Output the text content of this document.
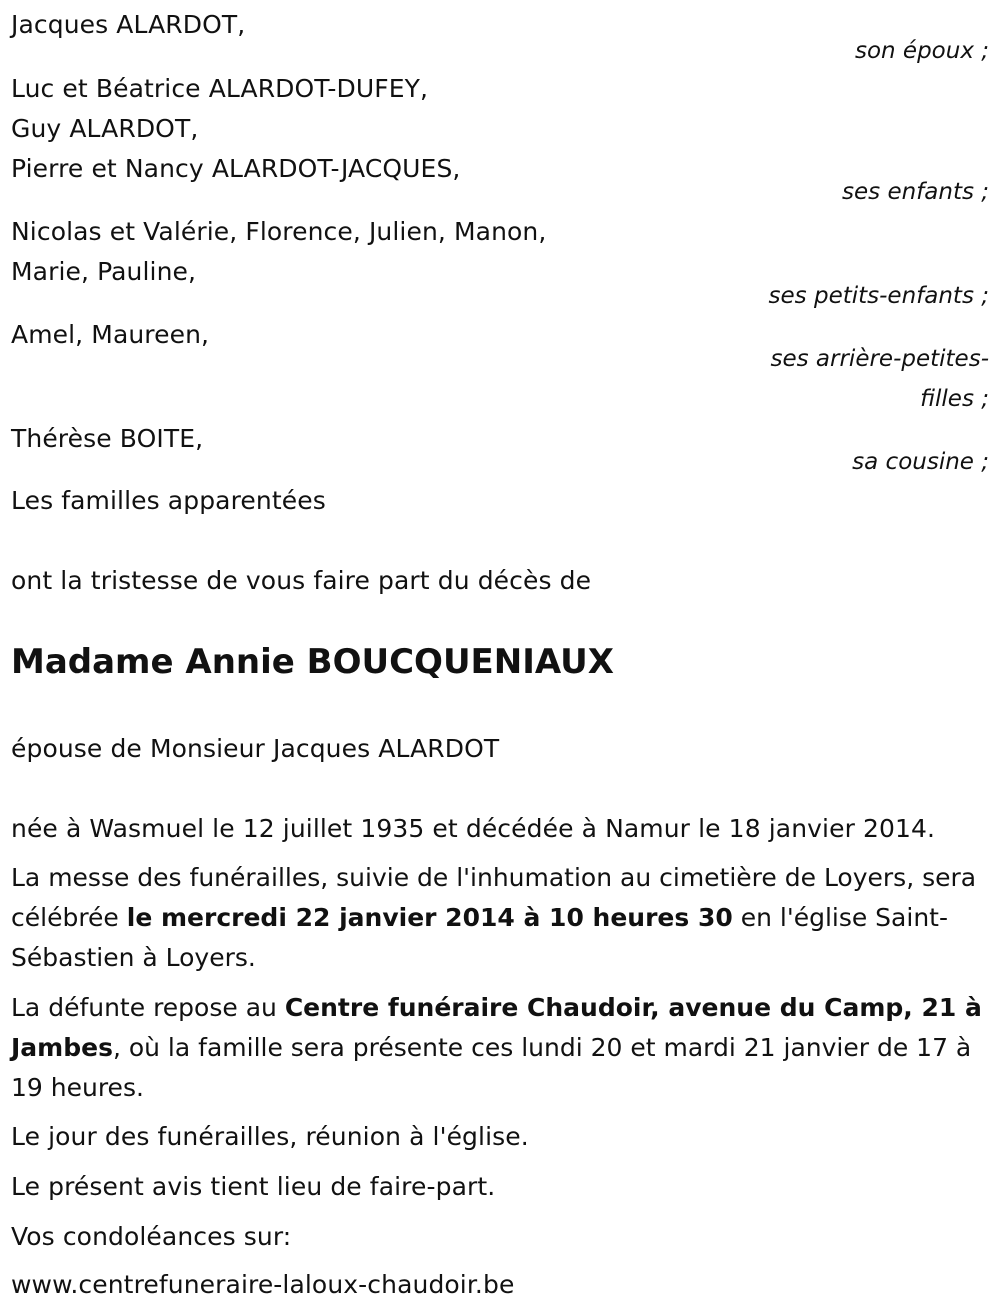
Jacques ALARDOT,
son époux ;
Luc et Béatrice ALARDOT-DUFEY,
Guy ALARDOT,
Pierre et Nancy ALARDOT-JACQUES,
ses enfants ;
Nicolas et Valérie, Florence, Julien, Manon,
Marie, Pauline,
ses petits-enfants ;
Amel, Maureen,
ses arrière-petites-
filles ;
Thérèse BOITE,
sa cousine ;
Les familles apparentées
ont la tristesse de vous faire part du décès de
Madame Annie BOUCQUENIAUX
épouse de Monsieur Jacques ALARDOT
née à Wasmuel le 12 juillet 1935 et décédée à Namur le 18 janvier 2014.
La messe des funérailles, suivie de l'inhumation au cimetière de Loyers, sera célébrée le mercredi 22 janvier 2014 à 10 heures 30 en l'église Saint-Sébastien à Loyers.
La défunte repose au Centre funéraire Chaudoir, avenue du Camp, 21 à Jambes, où la famille sera présente ces lundi 20 et mardi 21 janvier de 17 à 19 heures.
Le jour des funérailles, réunion à l'église.
Le présent avis tient lieu de faire-part.
Vos condoléances sur:
www.centrefuneraire-laloux-chaudoir.be
